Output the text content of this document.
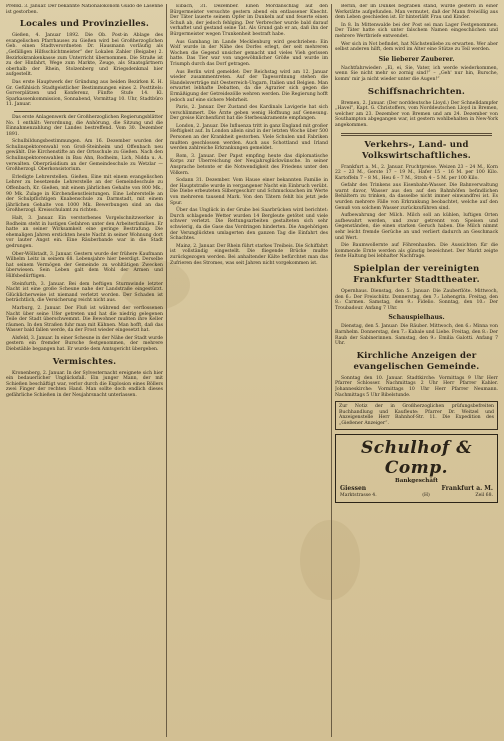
Preßkl. 3. Januar. Der bekannte Nationalökonom Guido de Lasenne ist gestorben.

Locales und Provinzielles.

Gießen, 4. Januar 1892. Die Ob. Post-in Ablage des evangelischen Pfarrhauses zu Gießen wird bei Großherzoglichen Geb. einen Stadtverordneten Dr. Hausmann vorläufig als „Gefälligen Hilfsschichtmeister“ der Lokalen Zahler (Beigabe) 2. Bezirkskrankenkasse zum Unterricht übernommen. Die Straße ist zu der Hinfahrt, Wege zum Markte, Zeuge, als Staatsgärtnern oberhalb der Rhein, Stolzenberg und Kriegsdenkmal hier aufgestellt.

Das erste Hauptwerk der Gründung aus beiden Bezirken K. H. Gr. Gefühlsich Stadtgeistlicher Bestimmungen eines 2. Posttitels: Gorverplätzen und Konferenz, Fünfte Stufe 14. Kl. Sparkassenkommission, Sonnabend, Vormittag 10. Uhr, Stadtbüro 11. Januar.

Das erste Anlagenwerk der Großherzoglichen Regierungsblätter No. 1 enthält: Verordnung, die Anhörung, die Sitzung und die Einnahmenzahlung der Landes bestreffend. Vom 30. Dezember 1891.

Schulbildungsbestimmungen. Am 16. Dezember wurden der Schulinspektorenwahl von Groß-Steinheim und Offenbach neu gewählt. Die Kirchenstifte an der Ortsschule zu Gießen. Nach den Schulinspektorenwahlen in Bau Ahn, Rodheim, Lich, Nidda u. A. verwalten. Oberpräsidium an der Gemeindeschule zu Wetzlar — Großherzogl. Oberkonsistorium.

Erledigte Lehrerstellen. Gießen. Eine mit einem evangelischen Lehrer zu besetzende Lehrerstelle an der Gemeindeschule zu Offenbach, Kr. Gießen, mit einem jährlichen Gehalte von 800 Mk., 90 Mk. Zulage in Kirchendienstleistungen. Eine Lehrerstelle an der Schulpflichtigen Knabenschule zu Darmstadt, mit einem jährlichen Gehalte von 1000 Mk. Bewerbungen sind an das Großherzogl. Kreisschulamt zu richten.

Halt, 3. Januar. Ein verstorbenes Vorgelschnitzwerker in Rodheim steht in lustigen Gefahren unter den Arbeiterfamilien. Er hatte an seiner Wirksamkeit eine geringe Bestrafung. Die ehemaligen Jahren erstickten heute Nacht in seiner Wohnung dort vor lauter Angst ein. Eine Räuberbande war in die Stadt gedrungen.

Ober-Wöllstadt, 3. Januar. Gestern wurde der frühere Kaufmann Wilhelm Leitz in seinem 68. Lebensjahre hier beerdigt. Derselbe hat seinem Vermögen der Gemeinde zu wohltätigen Zwecken überwiesen. Sein Leben galt dem Wohl der Armen und Hilfsbedürftigen.

Steinfurth, 3. Januar. Bei dem heftigen Sturmwinde letzter Nacht ist eine große Scheune nahe der Landstraße eingestürzt. Glücklicherweise ist niemand verletzt worden. Der Schaden ist beträchtlich, die Versicherung reicht nicht aus.

Marburg, 2. Januar. Der Fluß ist während der verflossenen Nacht über seine Ufer getreten und hat die niedrig gelegenen Teile der Stadt überschwemmt. Die Bewohner mußten ihre Keller räumen. In den Straßen fuhr man mit Kähnen. Man hofft, daß das Wasser bald fallen werde, da der Frost wieder eingesetzt hat.

Alsfeld, 3. Januar. In einer Scheune in der Nähe der Stadt wurde gestern ein fremder Bursche festgenommen, der mehrere Diebstähle begangen hat. Er wurde dem Amtsgericht übergeben.

Vermischtes.

Kronenberg, 2. Januar. In der Sylvesternacht ereignete sich hier ein bedauerlicher Unglücksfall. Ein junger Mann, der mit Schießen beschäftigt war, verlor durch die Explosion eines Böllers zwei Finger der rechten Hand. Man sollte doch endlich dieses gefährliche Schießen in der Neujahrsnacht unterlassen.

Eibach, 31. Dezember. Einen Mordanschlag auf den Bürgermeister versuchte gestern abend ein entlassener Knecht. Der Täter lauerte seinem Opfer im Dunkeln auf und feuerte einen Schuß ab, der jedoch fehlging. Der Verbrecher wurde bald darauf verhaftet und gestand seine Tat. Als Grund gab er an, daß ihn der Bürgermeister wegen Trunkenheit bestraft habe.

Aus Gambang im Lande Mecklenburg wird geschrieben: Ein Wolf wurde in der Nähe des Dorfes erlegt, der seit mehreren Wochen die Gegend unsicher gemacht und vieles Vieh gerissen hatte. Das Tier war von ungewöhnlicher Größe und wurde im Triumph durch das Dorf getragen.

Aus Berlin wird gemeldet: Der Reichstag wird am 12. Januar wieder zusammentreten. Auf der Tagesordnung stehen die Handelsverträge mit Oesterreich-Ungarn, Italien und Belgien. Man erwartet lebhafte Debatten, da die Agrarier sich gegen die Ermäßigung der Getreidezölle wehren werden. Die Regierung hofft jedoch auf eine sichere Mehrheit.

Paris, 2. Januar. Der Zustand des Kardinals Lavigerie hat sich verschlimmert. Die Ärzte geben wenig Hoffnung auf Genesung. Der greise Kirchenfürst hat die Sterbesakramente empfangen.

London, 2. Januar. Die Influenza tritt in ganz England mit großer Heftigkeit auf. In London allein sind in der letzten Woche über 500 Personen an der Krankheit gestorben. Viele Schulen und Fabriken mußten geschlossen werden. Auch aus Schottland und Irland werden zahlreiche Erkrankungen gemeldet.

Rom, 3. Januar. Der Papst empfing heute das diplomatische Korps zur Überreichung der Neujahrsglückwünsche. In seiner Ansprache betonte er die Notwendigkeit des Friedens unter den Völkern.

Sodann 31. Dezember. Vom Hause einer bekannten Familie in der Hauptstraße wurde in vergangener Nacht ein Einbruch verübt. Die Diebe erbeuteten Silbergeschirr und Schmucksachen im Werte von mehreren tausend Mark. Von den Tätern fehlt bis jetzt jede Spur.

Über das Unglück in der Grube bei Saarbrücken wird berichtet: Durch schlagende Wetter wurden 14 Bergleute getötet und viele schwer verletzt. Die Rettungsarbeiten gestalteten sich sehr schwierig, da die Gase das Vordringen hinderten. Die Angehörigen der Verunglückten umlagerten den ganzen Tag die Einfahrt des Schachtes.

Mainz, 2. Januar. Der Rhein führt starkes Treibeis. Die Schiffahrt ist vollständig eingestellt. Die fliegende Brücke mußte zurückgezogen werden. Bei anhaltender Kälte befürchtet man das Zufrieren des Stromes, was seit Jahren nicht vorgekommen ist.

Berlin, der im Dunkel begraben stand, wurde gestern in einer Werkstätte aufgefunden. Man vermutet, daß der Mann freiwillig aus dem Leben geschieden ist. Er hinterläßt Frau und Kinder.

In 8. In Mittenwalde bei der Post sei man Lager Festgenommen. Der Täter hatte sich unter falschem Namen eingeschlichen und mehrere Wertbriefe entwendet.

Wer sich in Not befindet, hat Nächstenliebe zu erwarten. Wer aber selbst anderen hilft, dem wird im Alter eine Stütze zu Teil werden.

Sie lieberer Zauberer.

Nachtfahrwieder: „Ei, ei, Sie, Vater, ich werde wiederkommen, wenn Sie nicht mehr so zornig sind!“ – „Geh' nur hin, Bursche, komm' mir ja nicht wieder unter die Augen!“

Schiffsnachrichten.

Bremen, 2. Januar. (Der norddeutsche Lloyd.) Der Schnelldampfer „Havel“, Kapt. G. Christoffers, vom Norddeutschen Lloyd in Bremen, welcher am 23. Dezember von Bremen und am 24. Dezember von Southampton abgegangen war, ist gestern wohlbehalten in New-York angekommen.

Verkehrs-, Land- und Volkswirtschaftliches.

Frankfurt a. M., 2. Januar. Fruchtpreise. Weizen 23 – 24 M., Korn 22 – 23 M., Gerste 17 – 19 M., Hafer 15 – 16 M. per 100 Kilo. Kartoffeln 7 – 8 M., Heu 6 – 7 M., Stroh 4 – 5 M. per 100 Kilo.

Gefahr des Trinkens aus Eisenbahn-Wasser. Die Bahnverwaltung warnt davor, Wasser aus den auf den Bahnhöfen befindlichen Behältern zu trinken, da dasselbe nicht immer einwandfrei ist. Es wurden mehrere Fälle von Erkrankung beobachtet, welche auf den Genuß von solchem Wasser zurückzuführen sind.

Aufbewahrung der Milch. Milch soll an kühlen, luftigen Orten aufbewahrt werden, und zwar getrennt von Speisen und Gegenständen, die einen starken Geruch haben. Die Milch nimmt sehr leicht fremde Gerüche an und verliert dadurch an Geschmack und Wert.

Die Baumwollernte auf Föhrenhaufen. Die Aussichten für die kommende Ernte werden als günstig bezeichnet. Der Markt zeigte feste Haltung bei lebhafter Nachfrage.

Spielplan der vereinigten Frankfurter Stadttheater.

Opernhaus. Dienstag, den 5. Januar: Die Zauberflöte. Mittwoch, den 6.: Der Freischütz. Donnerstag, den 7.: Lohengrin. Freitag, den 8.: Carmen. Samstag, den 9.: Fidelio. Sonntag, den 10.: Der Troubadour. Anfang 7 Uhr.

Schauspielhaus.

Dienstag, den 5. Januar: Die Räuber. Mittwoch, den 6.: Minna von Barnhelm. Donnerstag, den 7.: Kabale und Liebe. Freitag, den 8.: Der Raub der Sabinerinnen. Samstag, den 9.: Emilia Galotti. Anfang 7 Uhr.

Kirchliche Anzeigen der evangelischen Gemeinde.

Sonntag den 10. Januar. Stadtkirche: Vormittags 9 Uhr Herr Pfarrer Schlosser. Nachmittags 2 Uhr Herr Pfarrer Kahler. Johanneskirche: Vormittags 10 Uhr Herr Pfarrer Neumann. Nachmittags 5 Uhr Bibelstunde.

Zur Notiz der in Großherzoglichen prüfungsbefreiten Buchhandlung und Kaufleute: Pfarrer Dr. Weitzel und Anzeigenstelle Herr Bahnhof-Str. 11. Die Expedition des „Gießener Anzeiger“.
Schulhof & Comp.
Bankgeschäft
Giessen	Frankfurt a. M.
Marktstrasse 4.	(H)	Zeil 68.
